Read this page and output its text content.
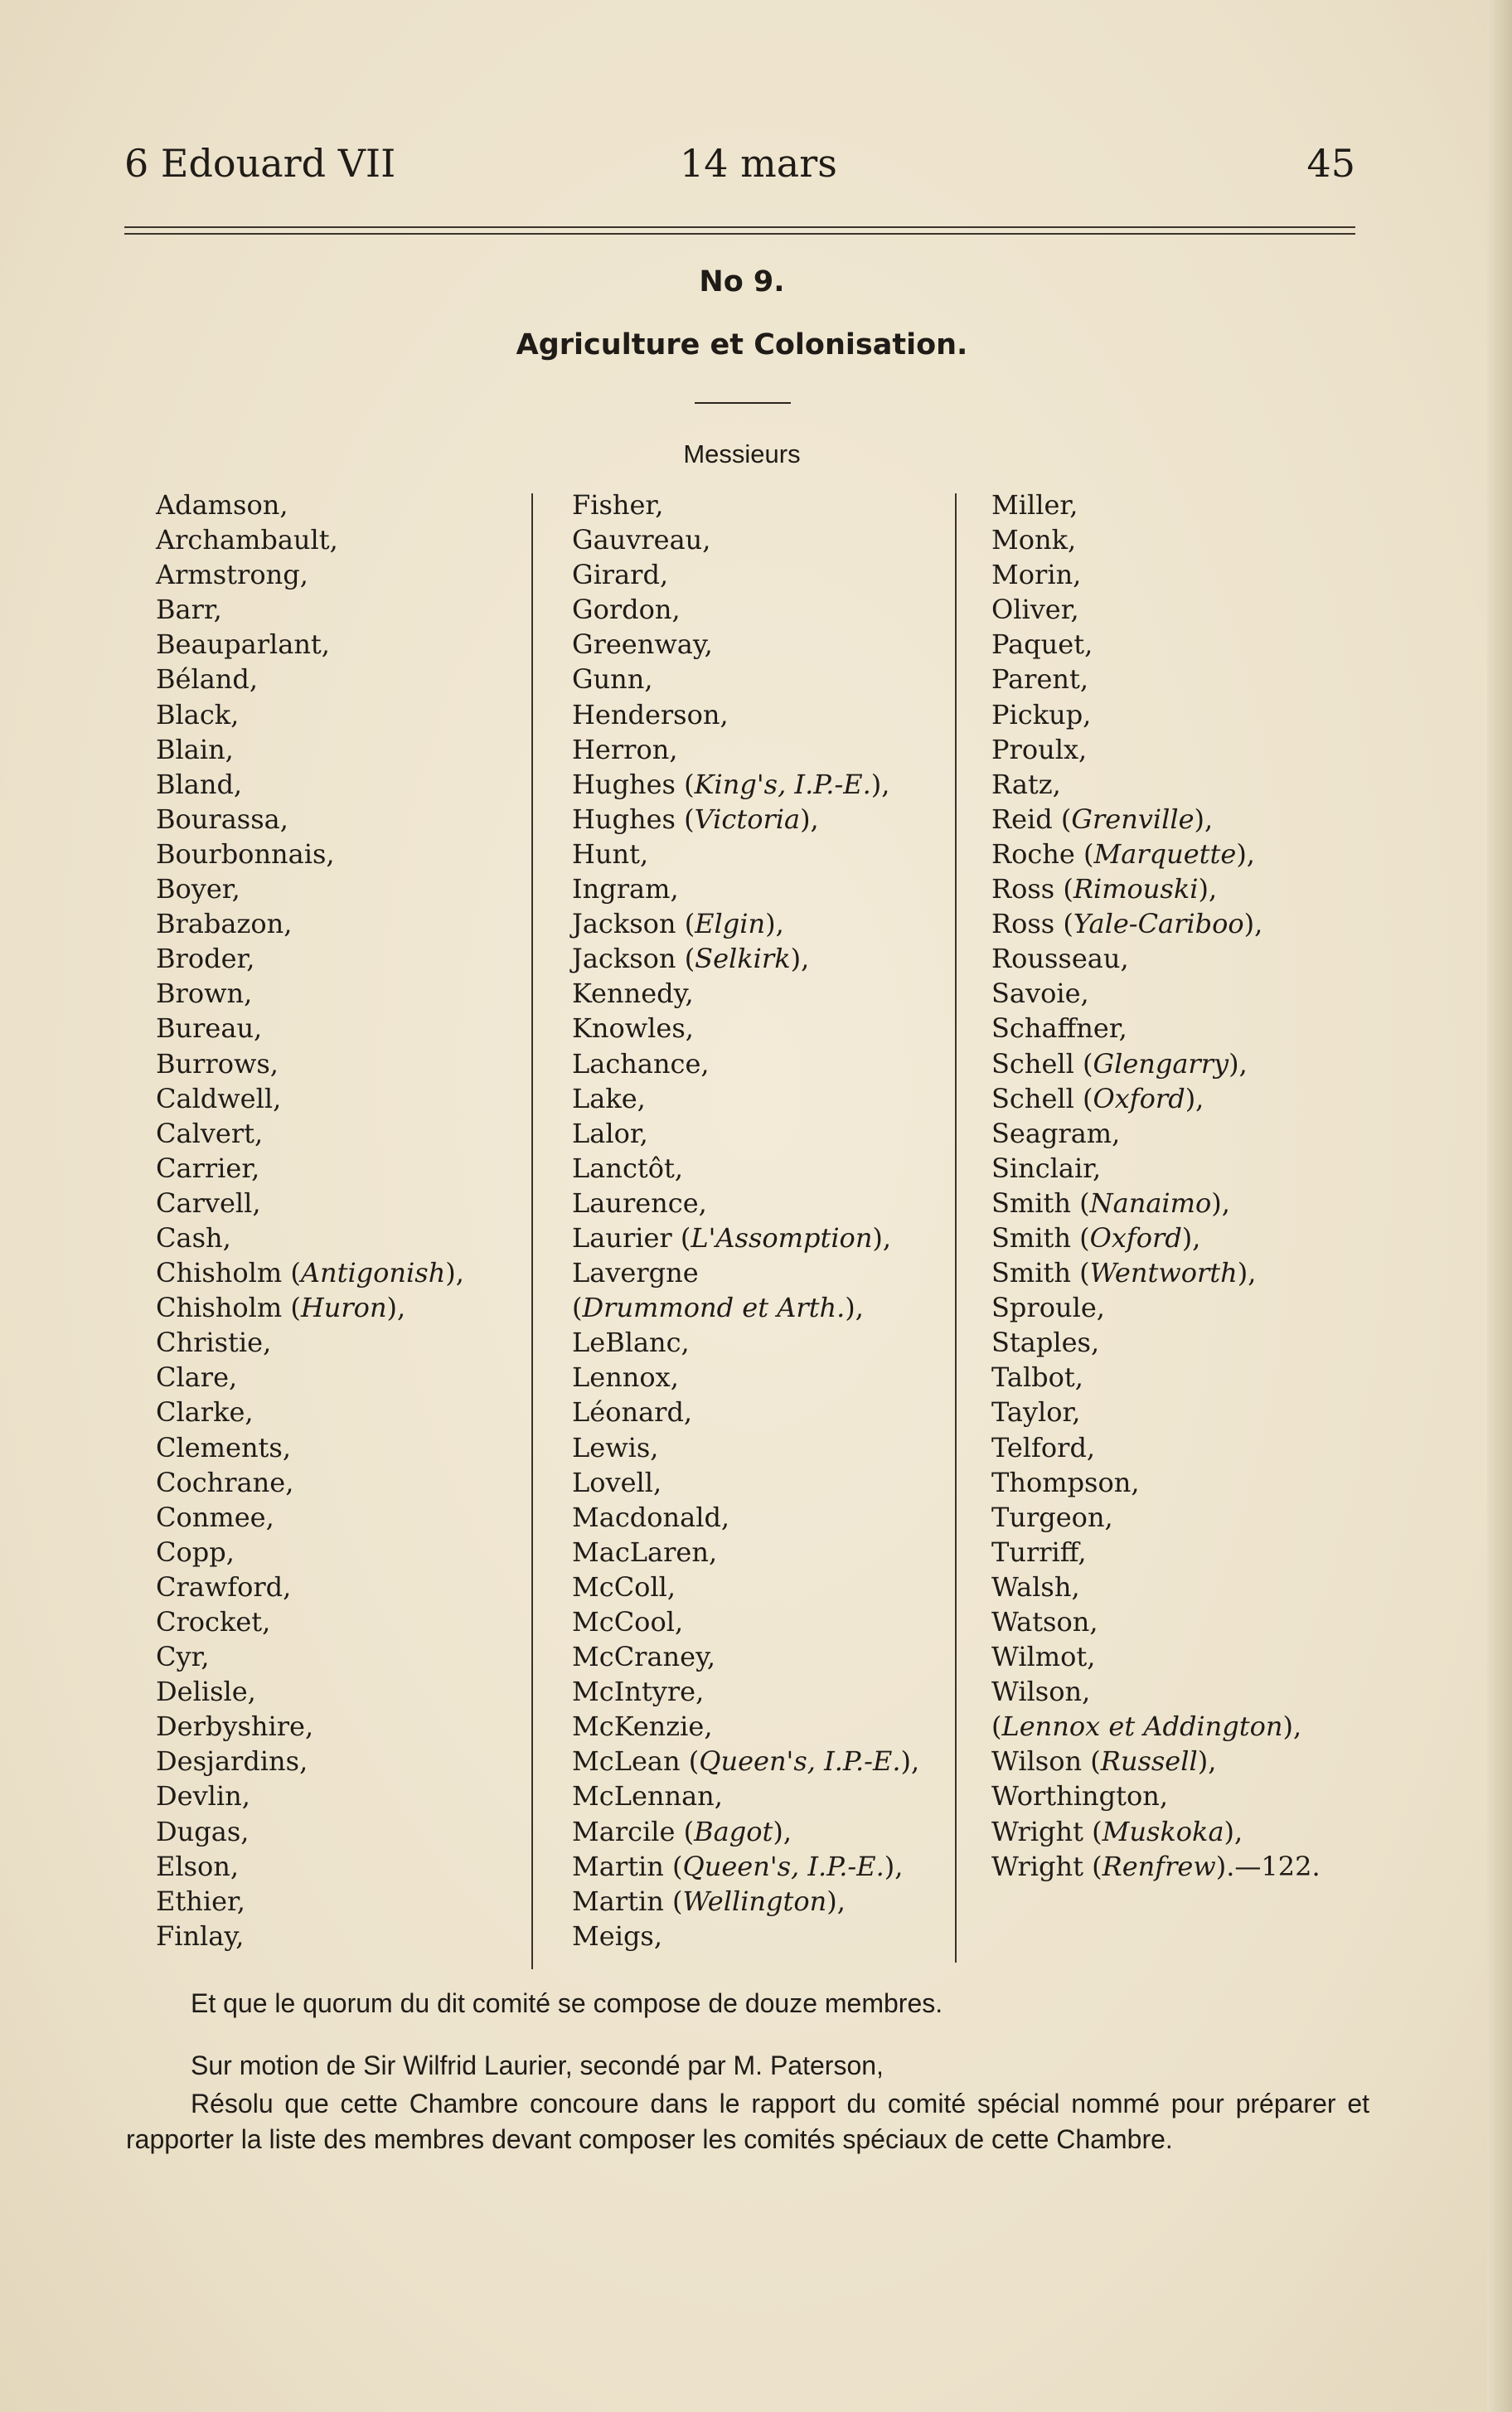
6 Edouard VII	14 mars	45
No 9.
Agriculture et Colonisation.
Messieurs
Adamson,
Archambault,
Armstrong,
Barr,
Beauparlant,
Béland,
Black,
Blain,
Bland,
Bourassa,
Bourbonnais,
Boyer,
Brabazon,
Broder,
Brown,
Bureau,
Burrows,
Caldwell,
Calvert,
Carrier,
Carvell,
Cash,
Chisholm (Antigonish),
Chisholm (Huron),
Christie,
Clare,
Clarke,
Clements,
Cochrane,
Conmee,
Copp,
Crawford,
Crocket,
Cyr,
Delisle,
Derbyshire,
Desjardins,
Devlin,
Dugas,
Elson,
Ethier,
Finlay,
Fisher,
Gauvreau,
Girard,
Gordon,
Greenway,
Gunn,
Henderson,
Herron,
Hughes (King's, I.P.-E.),
Hughes (Victoria),
Hunt,
Ingram,
Jackson (Elgin),
Jackson (Selkirk),
Kennedy,
Knowles,
Lachance,
Lake,
Lalor,
Lanctôt,
Laurence,
Laurier (L'Assomption),
Lavergne
(Drummond et Arth.),
LeBlanc,
Lennox,
Léonard,
Lewis,
Lovell,
Macdonald,
MacLaren,
McColl,
McCool,
McCraney,
McIntyre,
McKenzie,
McLean (Queen's, I.P.-E.),
McLennan,
Marcile (Bagot),
Martin (Queen's, I.P.-E.),
Martin (Wellington),
Meigs,
Miller,
Monk,
Morin,
Oliver,
Paquet,
Parent,
Pickup,
Proulx,
Ratz,
Reid (Grenville),
Roche (Marquette),
Ross (Rimouski),
Ross (Yale-Cariboo),
Rousseau,
Savoie,
Schaffner,
Schell (Glengarry),
Schell (Oxford),
Seagram,
Sinclair,
Smith (Nanaimo),
Smith (Oxford),
Smith (Wentworth),
Sproule,
Staples,
Talbot,
Taylor,
Telford,
Thompson,
Turgeon,
Turriff,
Walsh,
Watson,
Wilmot,
Wilson,
(Lennox et Addington),
Wilson (Russell),
Worthington,
Wright (Muskoka),
Wright (Renfrew).—122.
Et que le quorum du dit comité se compose de douze membres.
Sur motion de Sir Wilfrid Laurier, secondé par M. Paterson,
Résolu que cette Chambre concoure dans le rapport du comité spécial nommé pour préparer et rapporter la liste des membres devant composer les comités spéciaux de cette Chambre.
